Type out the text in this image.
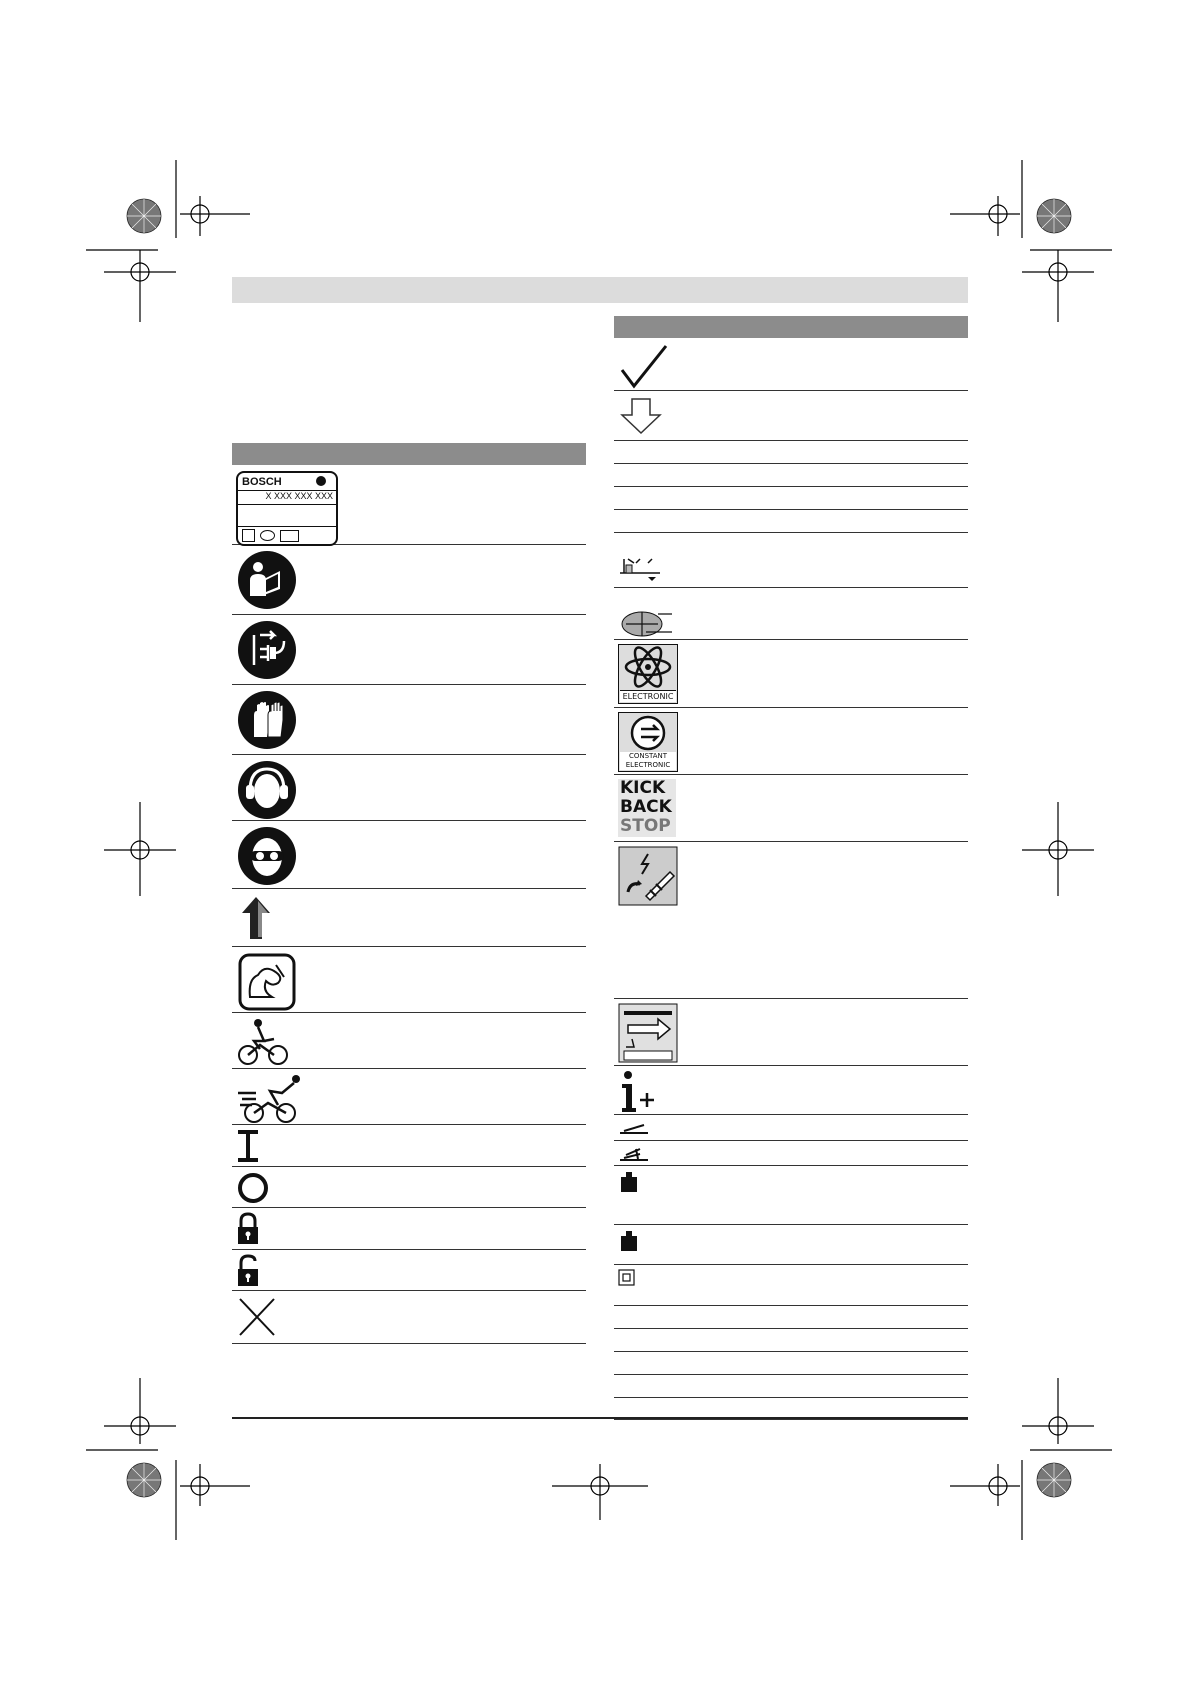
BOSCH
X XXX XXX XXX
ELECTRONIC
CONSTANT
ELECTRONIC
KICK
BACK
STOP
